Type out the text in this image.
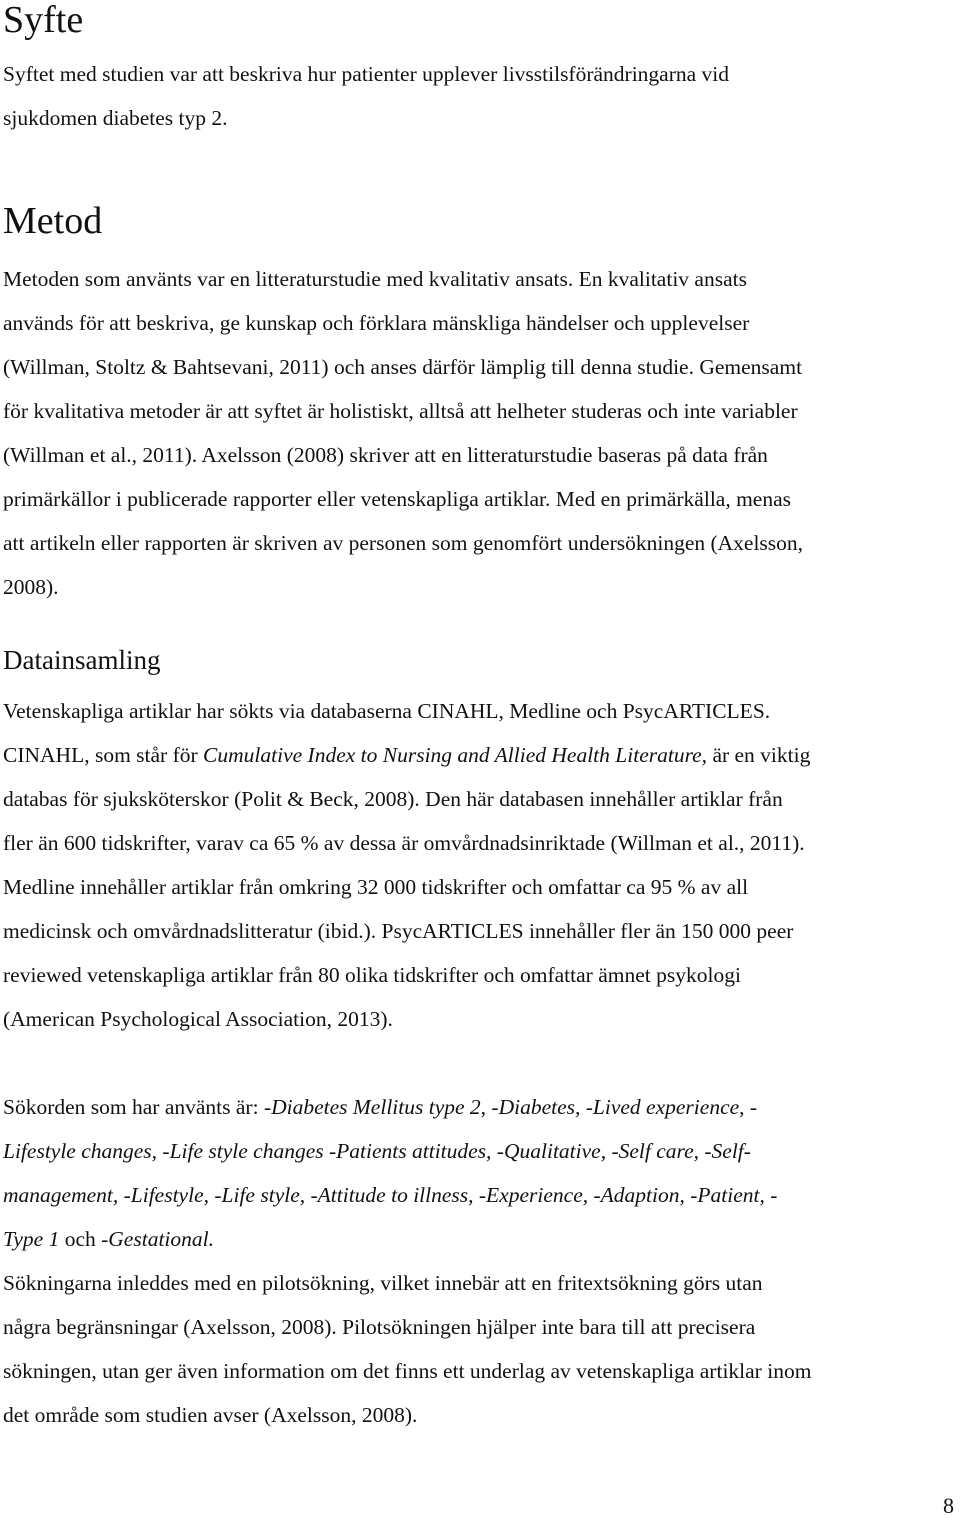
Syfte
Syftet med studien var att beskriva hur patienter upplever livsstilsförändringarna vid
sjukdomen diabetes typ 2.
Metod
Metoden som använts var en litteraturstudie med kvalitativ ansats. En kvalitativ ansats
används för att beskriva, ge kunskap och förklara mänskliga händelser och upplevelser
(Willman, Stoltz & Bahtsevani, 2011) och anses därför lämplig till denna studie. Gemensamt
för kvalitativa metoder är att syftet är holistiskt, alltså att helheter studeras och inte variabler
(Willman et al., 2011). Axelsson (2008) skriver att en litteraturstudie baseras på data från
primärkällor i publicerade rapporter eller vetenskapliga artiklar. Med en primärkälla, menas
att artikeln eller rapporten är skriven av personen som genomfört undersökningen (Axelsson,
2008).
Datainsamling
Vetenskapliga artiklar har sökts via databaserna CINAHL, Medline och PsycARTICLES.
CINAHL, som står för Cumulative Index to Nursing and Allied Health Literature, är en viktig
databas för sjuksköterskor (Polit & Beck, 2008). Den här databasen innehåller artiklar från
fler än 600 tidskrifter, varav ca 65 % av dessa är omvårdnadsinriktade (Willman et al., 2011).
Medline innehåller artiklar från omkring 32 000 tidskrifter och omfattar ca 95 % av all
medicinsk och omvårdnadslitteratur (ibid.). PsycARTICLES innehåller fler än 150 000 peer
reviewed vetenskapliga artiklar från 80 olika tidskrifter och omfattar ämnet psykologi
(American Psychological Association, 2013).
Sökorden som har använts är: -Diabetes Mellitus type 2, -Diabetes, -Lived experience, -
Lifestyle changes, -Life style changes -Patients attitudes, -Qualitative, -Self care, -Self-
management, -Lifestyle, -Life style, -Attitude to illness, -Experience, -Adaption, -Patient, -
Type 1 och -Gestational.
Sökningarna inleddes med en pilotsökning, vilket innebär att en fritextsökning görs utan
några begränsningar (Axelsson, 2008). Pilotsökningen hjälper inte bara till att precisera
sökningen, utan ger även information om det finns ett underlag av vetenskapliga artiklar inom
det område som studien avser (Axelsson, 2008).
8
